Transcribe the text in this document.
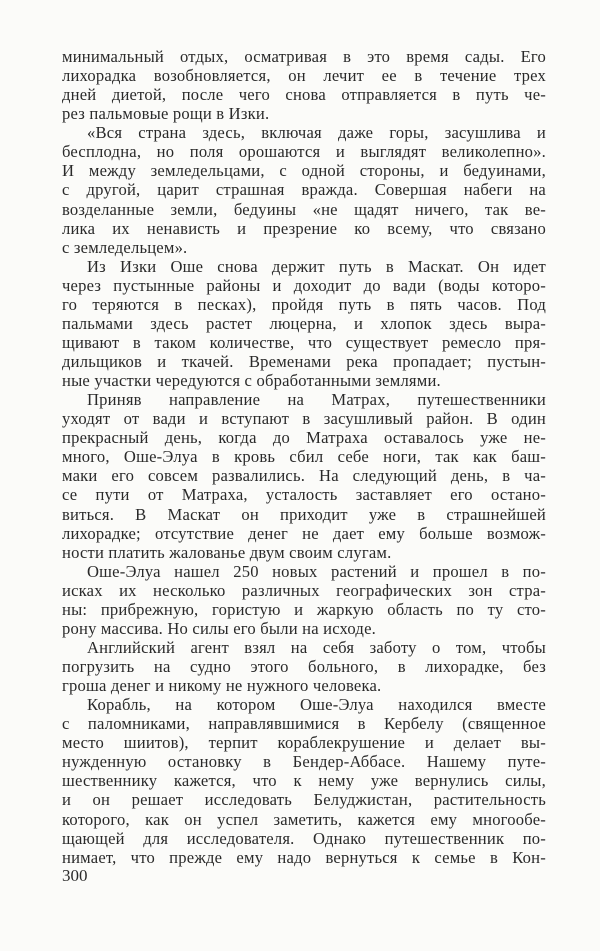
минимальный отдых, осматривая в это время сады. Его
лихорадка возобновляется, он лечит ее в течение трех
дней диетой, после чего снова отправляется в путь че-
рез пальмовые рощи в Изки.
«Вся страна здесь, включая даже горы, засушлива и
бесплодна, но поля орошаются и выглядят великолепно».
И между земледельцами, с одной стороны, и бедуинами,
с другой, царит страшная вражда. Совершая набеги на
возделанные земли, бедуины «не щадят ничего, так ве-
лика их ненависть и презрение ко всему, что связано
с земледельцем».
Из Изки Оше снова держит путь в Маскат. Он идет
через пустынные районы и доходит до вади (воды которо-
го теряются в песках), пройдя путь в пять часов. Под
пальмами здесь растет люцерна, и хлопок здесь выра-
щивают в таком количестве, что существует ремесло пря-
дильщиков и ткачей. Временами река пропадает; пустын-
ные участки чередуются с обработанными землями.
Приняв направление на Матрах, путешественники
уходят от вади и вступают в засушливый район. В один
прекрасный день, когда до Матраха оставалось уже не-
много, Оше-Элуа в кровь сбил себе ноги, так как баш-
маки его совсем развалились. На следующий день, в ча-
се пути от Матраха, усталость заставляет его остано-
виться. В Маскат он приходит уже в страшнейшей
лихорадке; отсутствие денег не дает ему больше возмож-
ности платить жалованье двум своим слугам.
Оше-Элуа нашел 250 новых растений и прошел в по-
исках их несколько различных географических зон стра-
ны: прибрежную, гористую и жаркую область по ту сто-
рону массива. Но силы его были на исходе.
Английский агент взял на себя заботу о том, чтобы
погрузить на судно этого больного, в лихорадке, без
гроша денег и никому не нужного человека.
Корабль, на котором Оше-Элуа находился вместе
с паломниками, направлявшимися в Кербелу (священное
место шиитов), терпит кораблекрушение и делает вы-
нужденную остановку в Бендер-Аббасе. Нашему путе-
шественнику кажется, что к нему уже вернулись силы,
и он решает исследовать Белуджистан, растительность
которого, как он успел заметить, кажется ему многообе-
щающей для исследователя. Однако путешественник по-
нимает, что прежде ему надо вернуться к семье в Кон-
300
